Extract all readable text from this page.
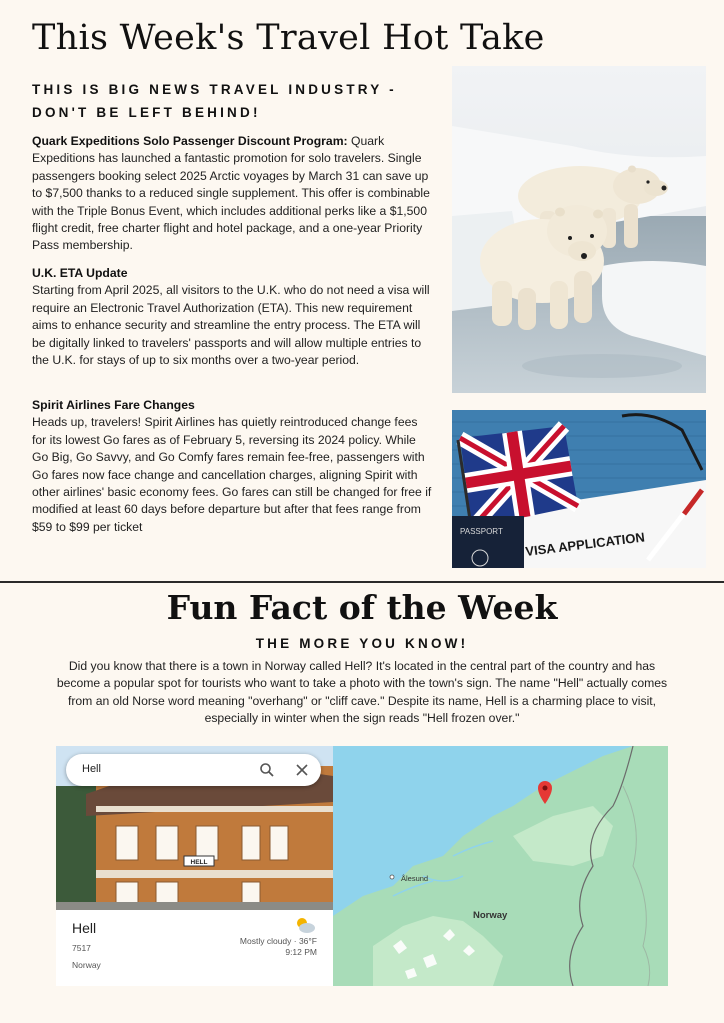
This Week's Travel Hot Take
THIS IS BIG NEWS TRAVEL INDUSTRY - DON'T BE LEFT BEHIND!
Quark Expeditions Solo Passenger Discount Program: Quark Expeditions has launched a fantastic promotion for solo travelers. Single passengers booking select 2025 Arctic voyages by March 31 can save up to $7,500 thanks to a reduced single supplement. This offer is combinable with the Triple Bonus Event, which includes additional perks like a $1,500 flight credit, free charter flight and hotel package, and a one-year Priority Pass membership.
U.K. ETA Update
Starting from April 2025, all visitors to the U.K. who do not need a visa will require an Electronic Travel Authorization (ETA). This new requirement aims to enhance security and streamline the entry process. The ETA will be digitally linked to travelers' passports and will allow multiple entries to the U.K. for stays of up to six months over a two-year period.
Spirit Airlines Fare Changes
Heads up, travelers! Spirit Airlines has quietly reintroduced change fees for its lowest Go fares as of February 5, reversing its 2024 policy. While Go Big, Go Savvy, and Go Comfy fares remain fee-free, passengers with Go fares now face change and cancellation charges, aligning Spirit with other airlines' basic economy fees. Go fares can still be changed for free if modified at least 60 days before departure but after that fees range from $59 to $99 per ticket	PASSPORT VISA APPLICATION
Fun Fact of the Week
THE MORE YOU KNOW!

Did you know that there is a town in Norway called Hell? It's located in the central part of the country and has become a popular spot for tourists who want to take a photo with the town's sign. The name "Hell" actually comes from an old Norse word meaning "overhang" or "cliff cave." Despite its name, Hell is a charming place to visit, especially in winter when the sign reads "Hell frozen over."

HELL
Hell
Hell
7517
Norway
Mostly cloudy · 36°F
9:12 PM
Ålesund
Norway
